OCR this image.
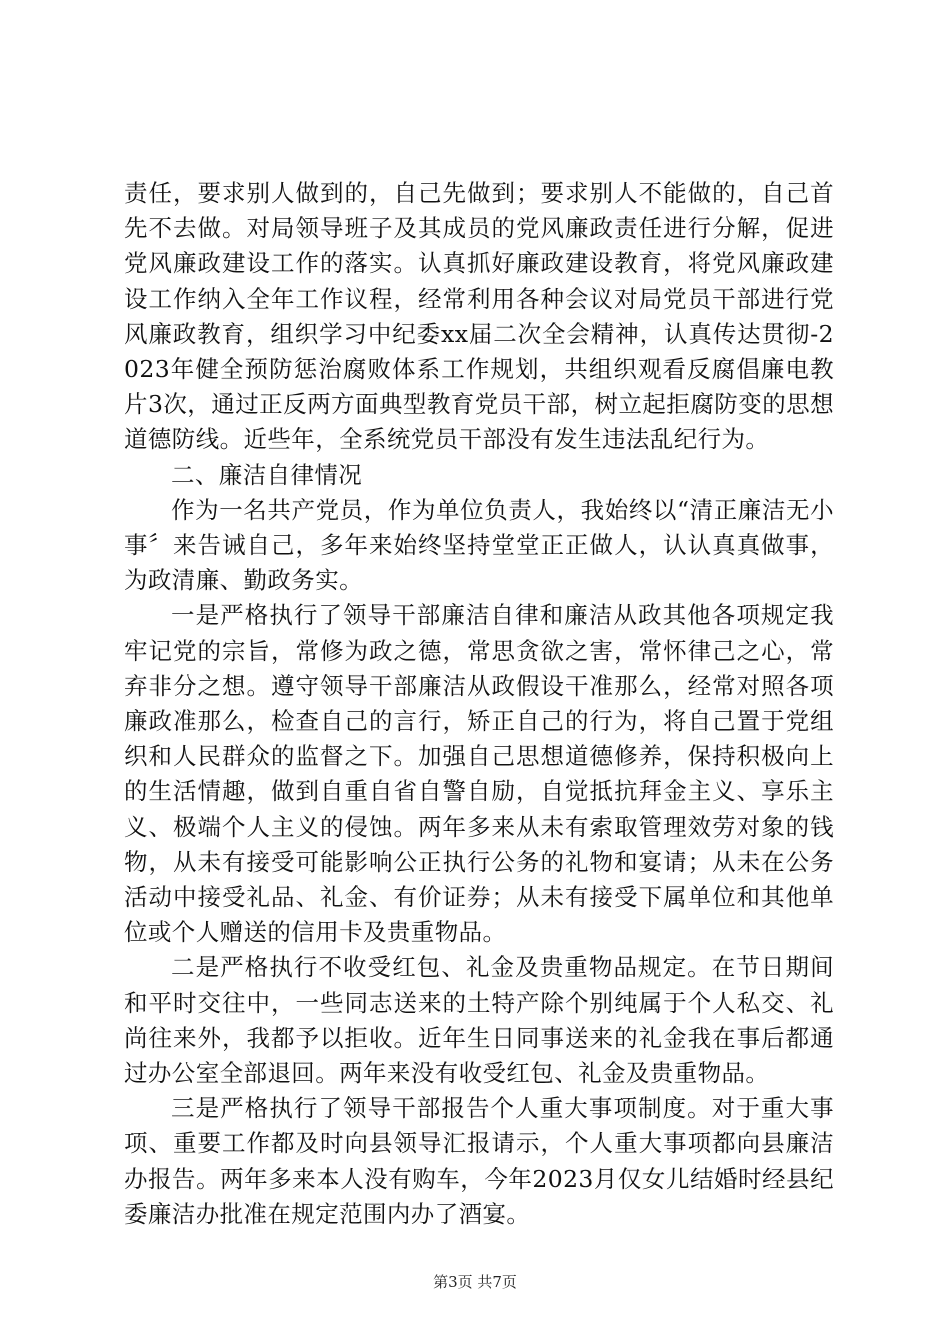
责任，要求别人做到的，自己先做到；要求别人不能做的，自己首先不去做。对局领导班子及其成员的党风廉政责任进行分解，促进党风廉政建设工作的落实。认真抓好廉政建设教育，将党风廉政建设工作纳入全年工作议程，经常利用各种会议对局党员干部进行党风廉政教育，组织学习中纪委xx届二次全会精神，认真传达贯彻-2023年健全预防惩治腐败体系工作规划，共组织观看反腐倡廉电教片3次，通过正反两方面典型教育党员干部，树立起拒腐防变的思想道德防线。近些年，全系统党员干部没有发生违法乱纪行为。

二、廉洁自律情况

作为一名共产党员，作为单位负责人，我始终以“清正廉洁无小事〞来告诫自己，多年来始终坚持堂堂正正做人，认认真真做事，为政清廉、勤政务实。

一是严格执行了领导干部廉洁自律和廉洁从政其他各项规定我牢记党的宗旨，常修为政之德，常思贪欲之害，常怀律己之心，常弃非分之想。遵守领导干部廉洁从政假设干准那么，经常对照各项廉政准那么，检查自己的言行，矫正自己的行为，将自己置于党组织和人民群众的监督之下。加强自己思想道德修养，保持积极向上的生活情趣，做到自重自省自警自励，自觉抵抗拜金主义、享乐主义、极端个人主义的侵蚀。两年多来从未有索取管理效劳对象的钱物，从未有接受可能影响公正执行公务的礼物和宴请；从未在公务活动中接受礼品、礼金、有价证券；从未有接受下属单位和其他单位或个人赠送的信用卡及贵重物品。

二是严格执行不收受红包、礼金及贵重物品规定。在节日期间和平时交往中，一些同志送来的土特产除个别纯属于个人私交、礼尚往来外，我都予以拒收。近年生日同事送来的礼金我在事后都通过办公室全部退回。两年来没有收受红包、礼金及贵重物品。

三是严格执行了领导干部报告个人重大事项制度。对于重大事项、重要工作都及时向县领导汇报请示，个人重大事项都向县廉洁办报告。两年多来本人没有购车，今年2023月仅女儿结婚时经县纪委廉洁办批准在规定范围内办了酒宴。

第3页 共7页
